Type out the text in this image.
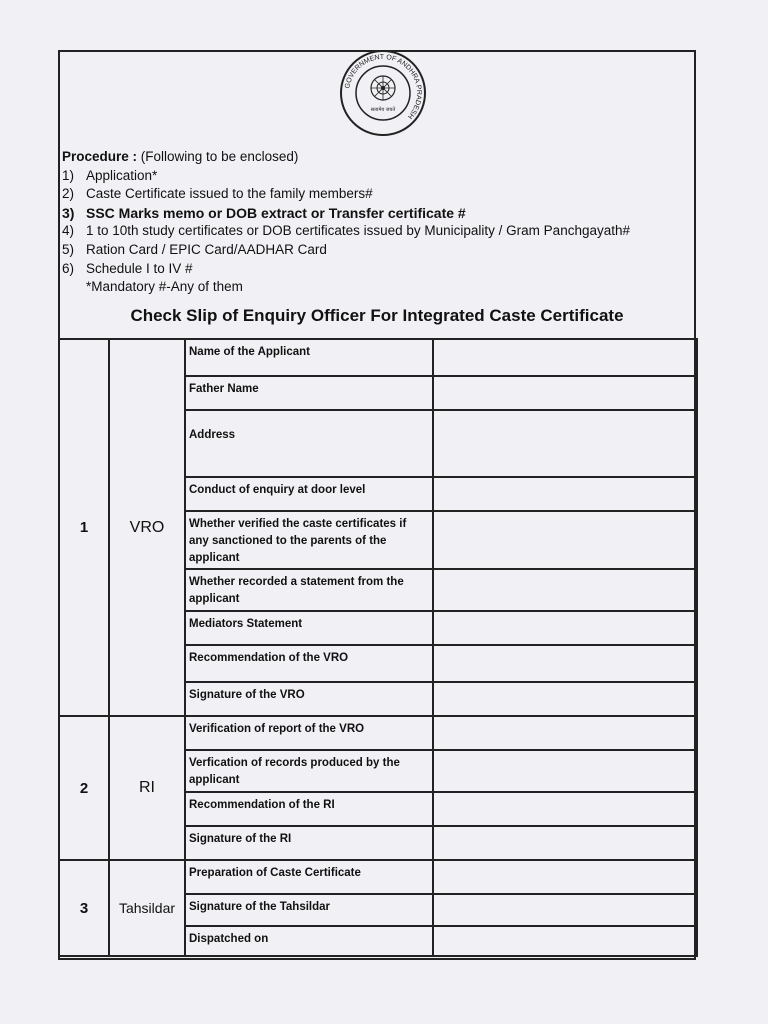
GOVERNMENT OF ANDHRA PRADESH
सत्यमेव जयते
Procedure : (Following to be enclosed)
1) Application*
2) Caste Certificate issued to the family members#
3) SSC Marks memo or DOB extract or Transfer certificate #
4) 1 to 10th study certificates or DOB certificates issued by Municipality / Gram Panchgayath#
5) Ration Card / EPIC Card/AADHAR Card
6) Schedule I to IV #
*Mandatory #-Any of them
Check Slip of Enquiry Officer For Integrated Caste Certificate
1	VRO	Name of the Applicant	
		Father Name	
		Address	
		Conduct of enquiry at door level	
		Whether verified the caste certificates if any sanctioned to the parents of the applicant	
		Whether recorded a statement from the applicant	
		Mediators Statement	
		Recommendation of the VRO	
		Signature of the VRO	
2	RI	Verification of report of the VRO	
		Verfication of records produced by the applicant	
		Recommendation of the RI	
		Signature of the RI	
3	Tahsildar	Preparation of Caste Certificate	
		Signature of the Tahsildar	
		Dispatched on	
